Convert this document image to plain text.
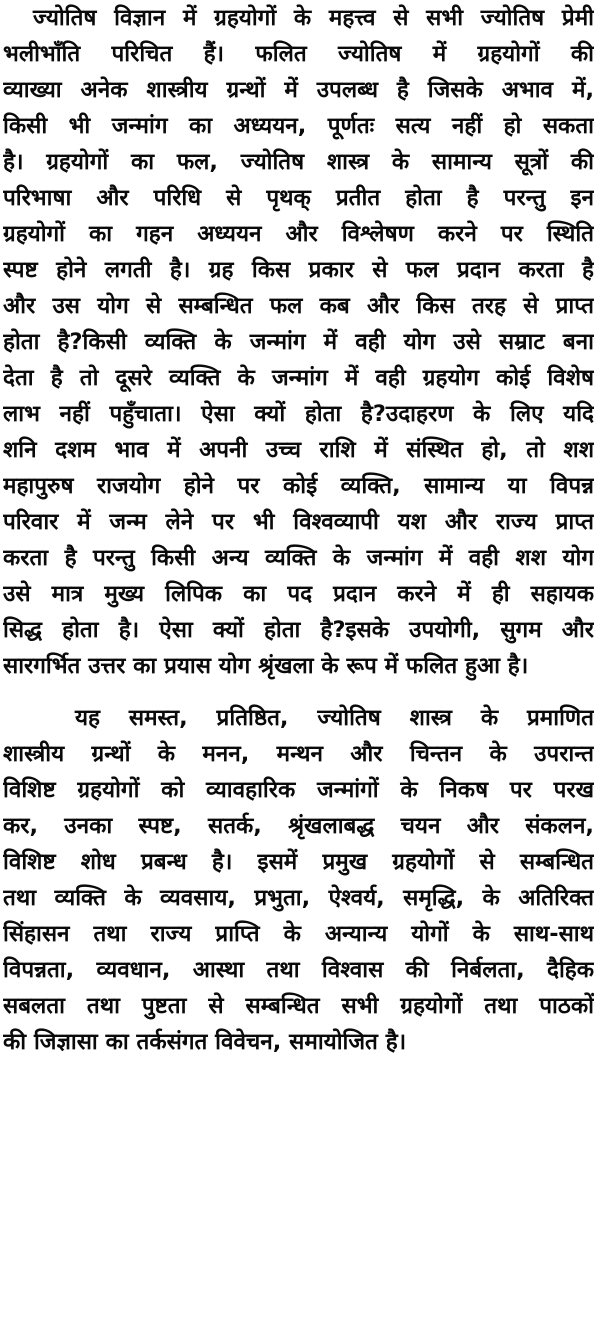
ज्योतिष विज्ञान में ग्रहयोगों के महत्त्व से सभी ज्योतिष प्रेमी
भलीभाँति परिचित हैं। फलित ज्योतिष में ग्रहयोगों की
व्याख्या अनेक शास्त्रीय ग्रन्थों में उपलब्ध है जिसके अभाव में,
किसी भी जन्मांग का अध्ययन, पूर्णतः सत्य नहीं हो सकता
है। ग्रहयोगों का फल, ज्योतिष शास्त्र के सामान्य सूत्रों की
परिभाषा और परिधि से पृथक् प्रतीत होता है परन्तु इन
ग्रहयोगों का गहन अध्ययन और विश्लेषण करने पर स्थिति
स्पष्ट होने लगती है। ग्रह किस प्रकार से फल प्रदान करता है
और उस योग से सम्बन्धित फल कब और किस तरह से प्राप्त
होता है?किसी व्यक्ति के जन्मांग में वही योग उसे सम्राट बना
देता है तो दूसरे व्यक्ति के जन्मांग में वही ग्रहयोग कोई विशेष
लाभ नहीं पहुँचाता। ऐसा क्यों होता है?उदाहरण के लिए यदि
शनि दशम भाव में अपनी उच्च राशि में संस्थित हो, तो शश
महापुरुष राजयोग होने पर कोई व्यक्ति, सामान्य या विपन्न
परिवार में जन्म लेने पर भी विश्वव्यापी यश और राज्य प्राप्त
करता है परन्तु किसी अन्य व्यक्ति के जन्मांग में वही शश योग
उसे मात्र मुख्य लिपिक का पद प्रदान करने में ही सहायक
सिद्ध होता है। ऐसा क्यों होता है?इसके उपयोगी, सुगम और
सारगर्भित उत्तर का प्रयास योग श्रृंखला के रूप में फलित हुआ है।
यह समस्त, प्रतिष्ठित, ज्योतिष शास्त्र के प्रमाणित
शास्त्रीय ग्रन्थों के मनन, मन्थन और चिन्तन के उपरान्त
विशिष्ट ग्रहयोगों को व्यावहारिक जन्मांगों के निकष पर परख
कर, उनका स्पष्ट, सतर्क, श्रृंखलाबद्ध चयन और संकलन,
विशिष्ट शोध प्रबन्ध है। इसमें प्रमुख ग्रहयोगों से सम्बन्धित
तथा व्यक्ति के व्यवसाय, प्रभुता, ऐश्वर्य, समृद्धि, के अतिरिक्त
सिंहासन तथा राज्य प्राप्ति के अन्यान्य योगों के साथ-साथ
विपन्नता, व्यवधान, आस्था तथा विश्वास की निर्बलता, दैहिक
सबलता तथा पुष्टता से सम्बन्धित सभी ग्रहयोगों तथा पाठकों
की जिज्ञासा का तर्कसंगत विवेचन, समायोजित है।
